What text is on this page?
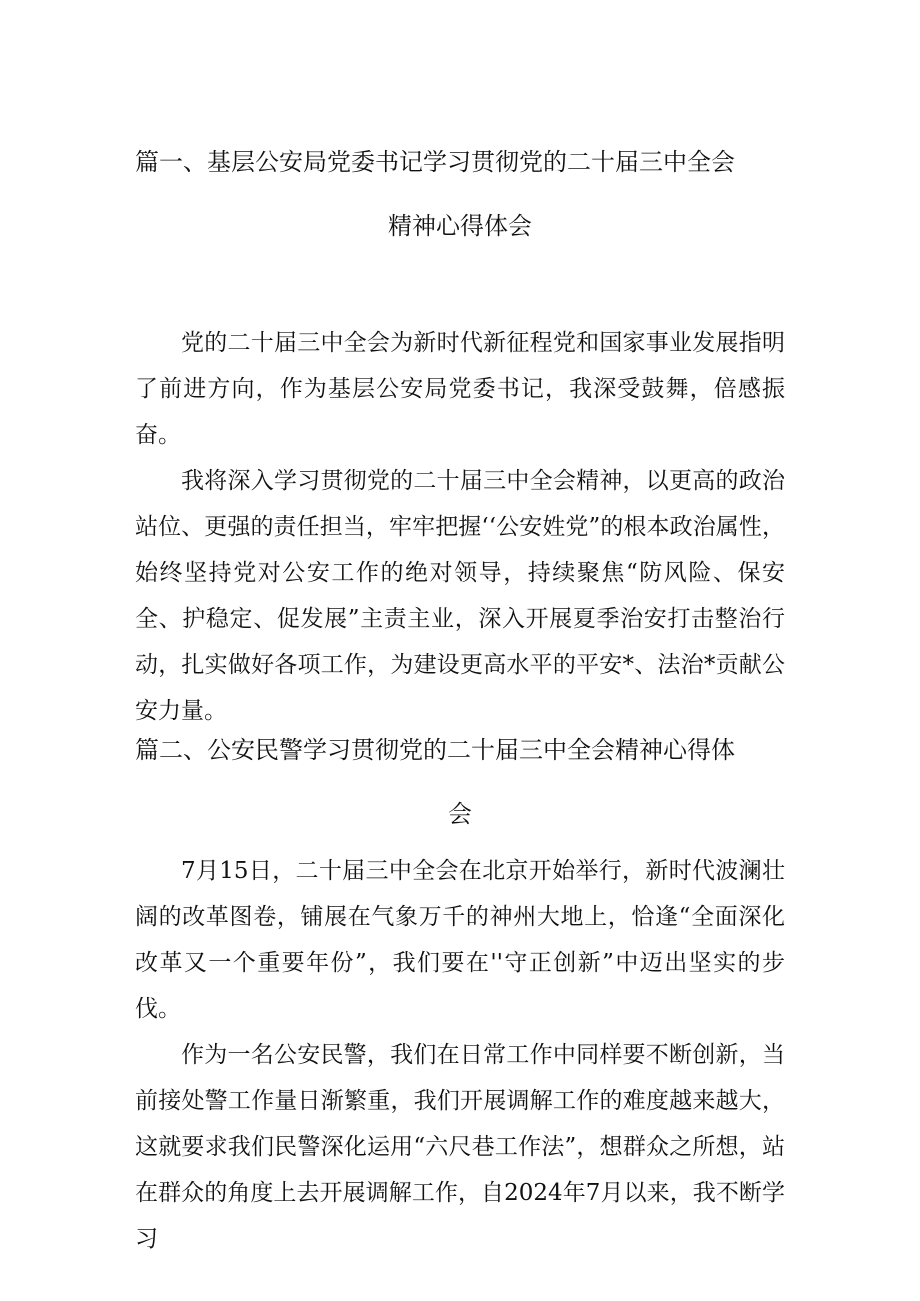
篇一、基层公安局党委书记学习贯彻党的二十届三中全会
精神心得体会

党的二十届三中全会为新时代新征程党和国家事业发展指明了前进方向，作为基层公安局党委书记，我深受鼓舞，倍感振奋。

我将深入学习贯彻党的二十届三中全会精神，以更高的政治站位、更强的责任担当，牢牢把握‘‘公安姓党”的根本政治属性，始终坚持党对公安工作的绝对领导，持续聚焦“防风险、保安全、护稳定、促发展”主责主业，深入开展夏季治安打击整治行动，扎实做好各项工作，为建设更高水平的平安*、法治*贡献公安力量。

篇二、公安民警学习贯彻党的二十届三中全会精神心得体
会

7月15日，二十届三中全会在北京开始举行，新时代波澜壮阔的改革图卷，铺展在气象万千的神州大地上，恰逢“全面深化改革又一个重要年份”，我们要在''守正创新”中迈出坚实的步伐。

作为一名公安民警，我们在日常工作中同样要不断创新，当前接处警工作量日渐繁重，我们开展调解工作的难度越来越大，这就要求我们民警深化运用“六尺巷工作法”，想群众之所想，站在群众的角度上去开展调解工作，自2024年7月以来，我不断学习
